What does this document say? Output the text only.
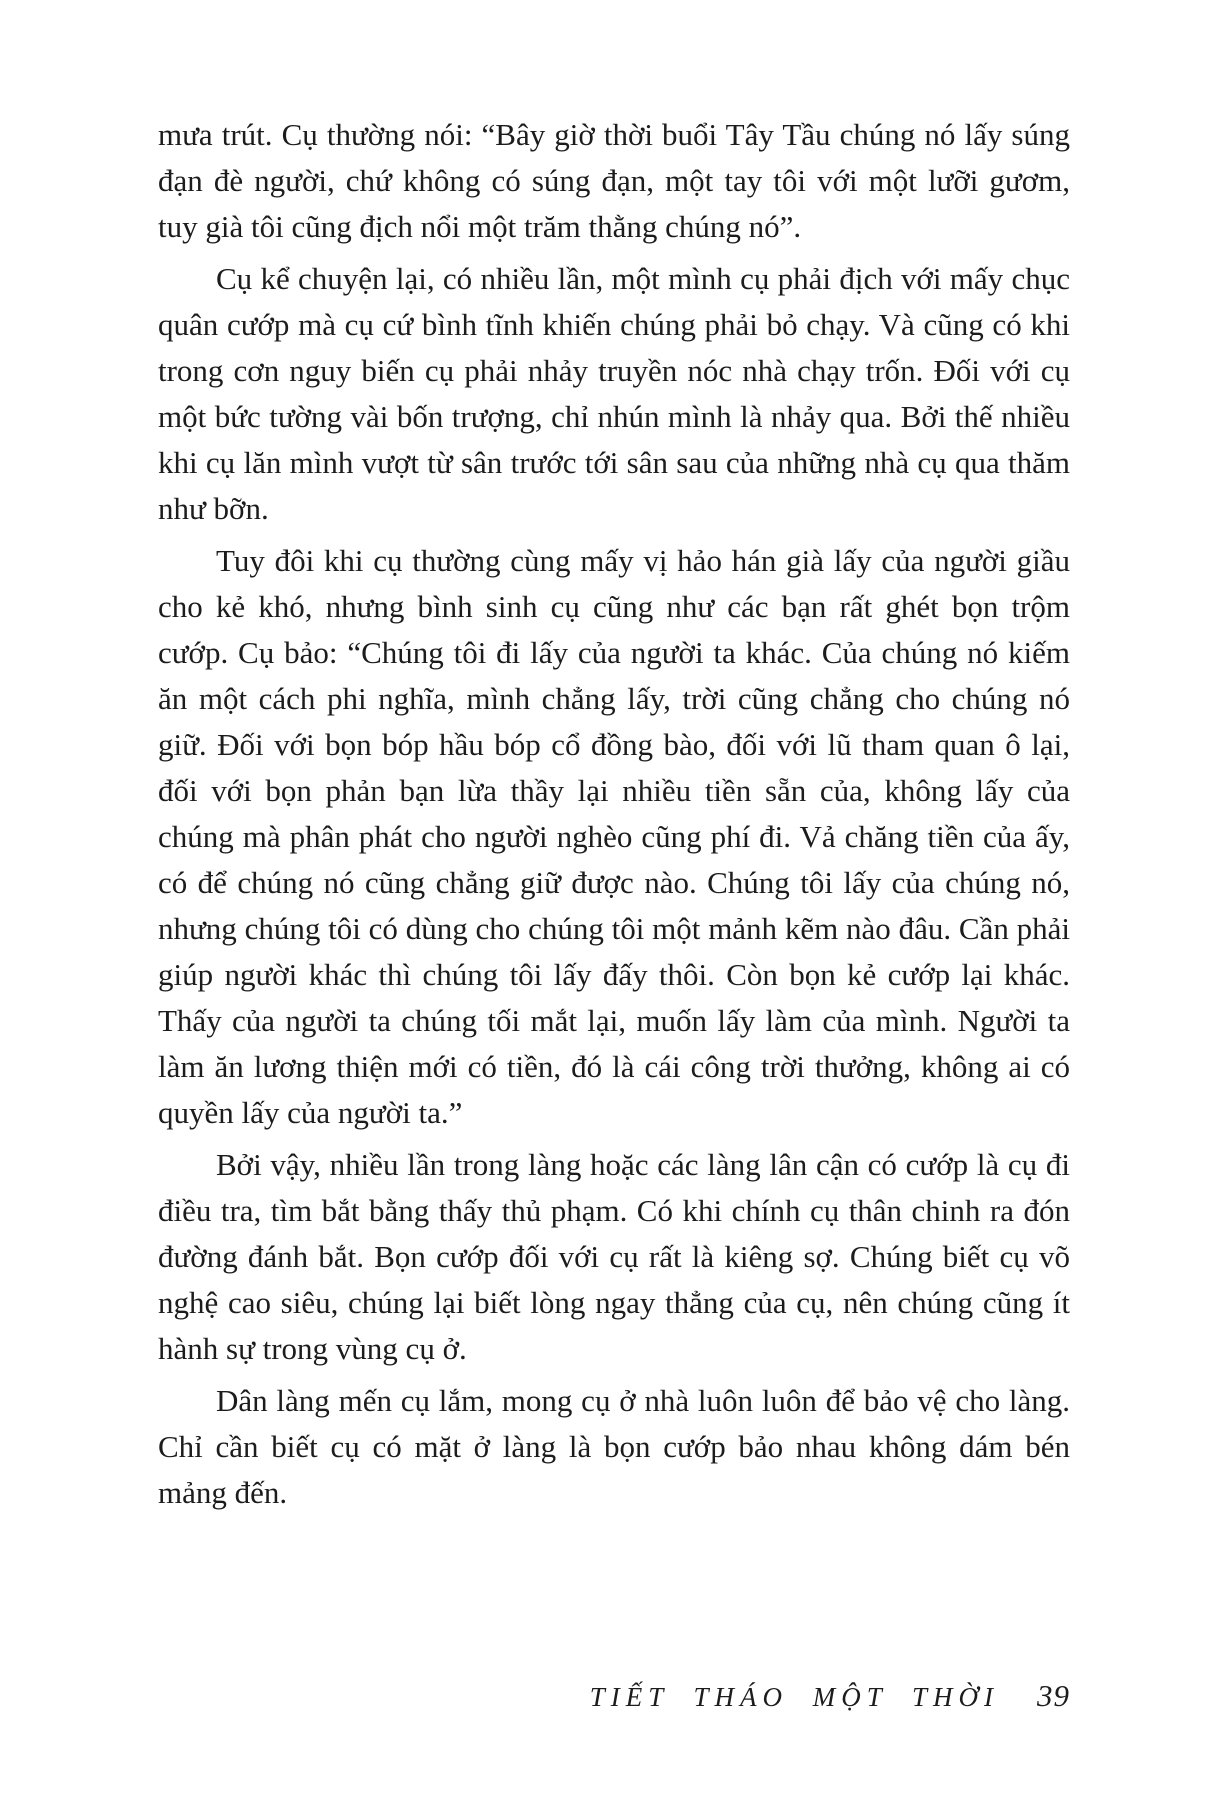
mưa trút. Cụ thường nói: “Bây giờ thời buổi Tây Tầu chúng nó lấy súng đạn đè người, chứ không có súng đạn, một tay tôi với một lưỡi gươm, tuy già tôi cũng địch nổi một trăm thằng chúng nó”.

Cụ kể chuyện lại, có nhiều lần, một mình cụ phải địch với mấy chục quân cướp mà cụ cứ bình tĩnh khiến chúng phải bỏ chạy. Và cũng có khi trong cơn nguy biến cụ phải nhảy truyền nóc nhà chạy trốn. Đối với cụ một bức tường vài bốn trượng, chỉ nhún mình là nhảy qua. Bởi thế nhiều khi cụ lăn mình vượt từ sân trước tới sân sau của những nhà cụ qua thăm như bỡn.

Tuy đôi khi cụ thường cùng mấy vị hảo hán già lấy của người giầu cho kẻ khó, nhưng bình sinh cụ cũng như các bạn rất ghét bọn trộm cướp. Cụ bảo: “Chúng tôi đi lấy của người ta khác. Của chúng nó kiếm ăn một cách phi nghĩa, mình chẳng lấy, trời cũng chẳng cho chúng nó giữ. Đối với bọn bóp hầu bóp cổ đồng bào, đối với lũ tham quan ô lại, đối với bọn phản bạn lừa thầy lại nhiều tiền sẵn của, không lấy của chúng mà phân phát cho người nghèo cũng phí đi. Vả chăng tiền của ấy, có để chúng nó cũng chẳng giữ được nào. Chúng tôi lấy của chúng nó, nhưng chúng tôi có dùng cho chúng tôi một mảnh kẽm nào đâu. Cần phải giúp người khác thì chúng tôi lấy đấy thôi. Còn bọn kẻ cướp lại khác. Thấy của người ta chúng tối mắt lại, muốn lấy làm của mình. Người ta làm ăn lương thiện mới có tiền, đó là cái công trời thưởng, không ai có quyền lấy của người ta.”

Bởi vậy, nhiều lần trong làng hoặc các làng lân cận có cướp là cụ đi điều tra, tìm bắt bằng thấy thủ phạm. Có khi chính cụ thân chinh ra đón đường đánh bắt. Bọn cướp đối với cụ rất là kiêng sợ. Chúng biết cụ võ nghệ cao siêu, chúng lại biết lòng ngay thẳng của cụ, nên chúng cũng ít hành sự trong vùng cụ ở.

Dân làng mến cụ lắm, mong cụ ở nhà luôn luôn để bảo vệ cho làng. Chỉ cần biết cụ có mặt ở làng là bọn cướp bảo nhau không dám bén mảng đến.

TIẾT THÁO MỘT THỜI 39
